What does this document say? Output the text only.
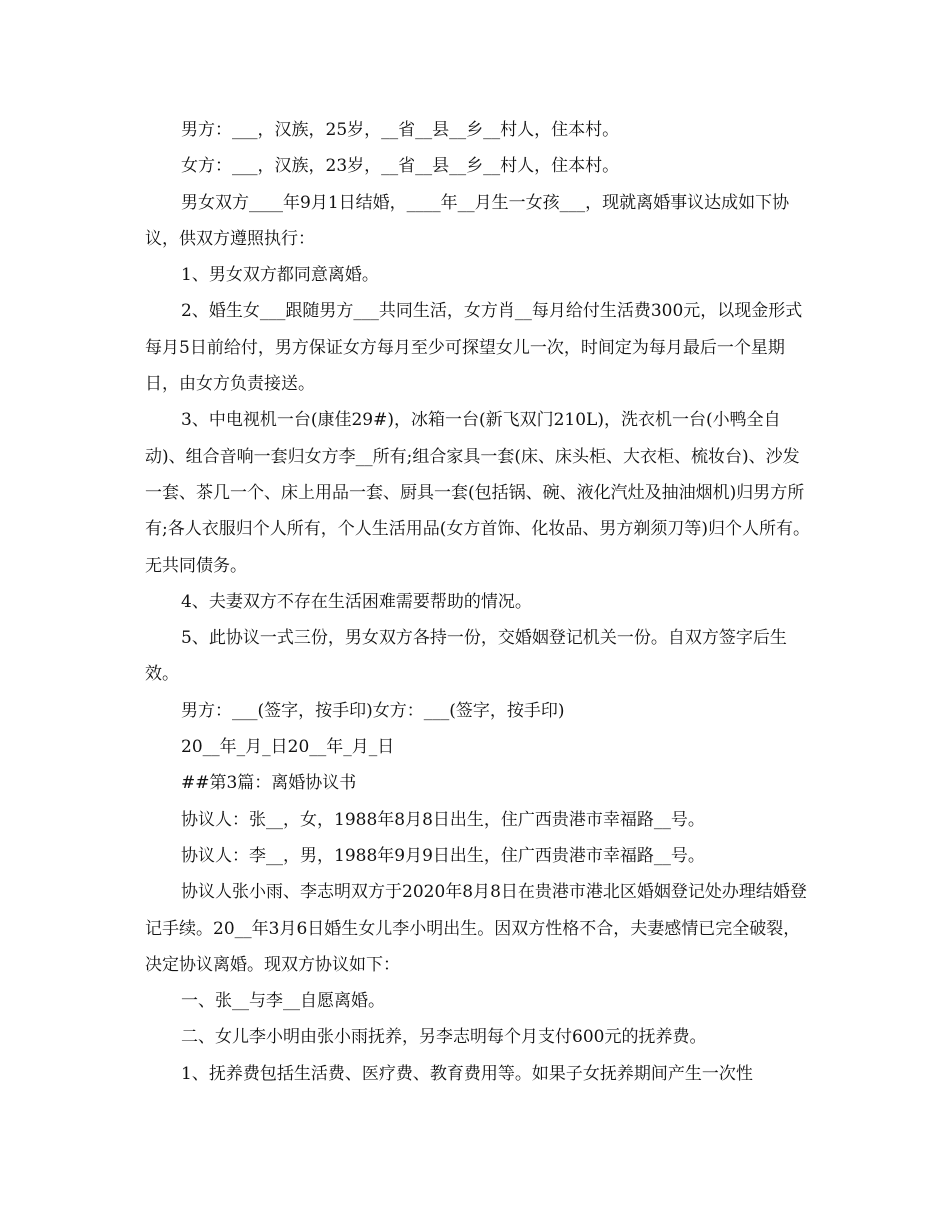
男方：___，汉族，25岁，__省__县__乡__村人，住本村。

女方：___，汉族，23岁，__省__县__乡__村人，住本村。

男女双方____年9月1日结婚，____年__月生一女孩___，现就离婚事议达成如下协议，供双方遵照执行：

1、男女双方都同意离婚。

2、婚生女___跟随男方___共同生活，女方肖__每月给付生活费300元，以现金形式每月5日前给付，男方保证女方每月至少可探望女儿一次，时间定为每月最后一个星期日，由女方负责接送。

3、中电视机一台(康佳29#)，冰箱一台(新飞双门210L)，洗衣机一台(小鸭全自动)、组合音响一套归女方李__所有;组合家具一套(床、床头柜、大衣柜、梳妆台)、沙发一套、茶几一个、床上用品一套、厨具一套(包括锅、碗、液化汽灶及抽油烟机)归男方所有;各人衣服归个人所有，个人生活用品(女方首饰、化妆品、男方剃须刀等)归个人所有。无共同债务。

4、夫妻双方不存在生活困难需要帮助的情况。

5、此协议一式三份，男女双方各持一份，交婚姻登记机关一份。自双方签字后生效。

男方：___(签字，按手印)女方：___(签字，按手印)

20__年_月_日20__年_月_日

##第3篇：离婚协议书

协议人：张__，女，1988年8月8日出生，住广西贵港市幸福路__号。

协议人：李__，男，1988年9月9日出生，住广西贵港市幸福路__号。

协议人张小雨、李志明双方于2020年8月8日在贵港市港北区婚姻登记处办理结婚登记手续。20__年3月6日婚生女儿李小明出生。因双方性格不合，夫妻感情已完全破裂，决定协议离婚。现双方协议如下：

一、张__与李__自愿离婚。

二、女儿李小明由张小雨抚养，另李志明每个月支付600元的抚养费。

1、抚养费包括生活费、医疗费、教育费用等。如果子女抚养期间产生一次性
